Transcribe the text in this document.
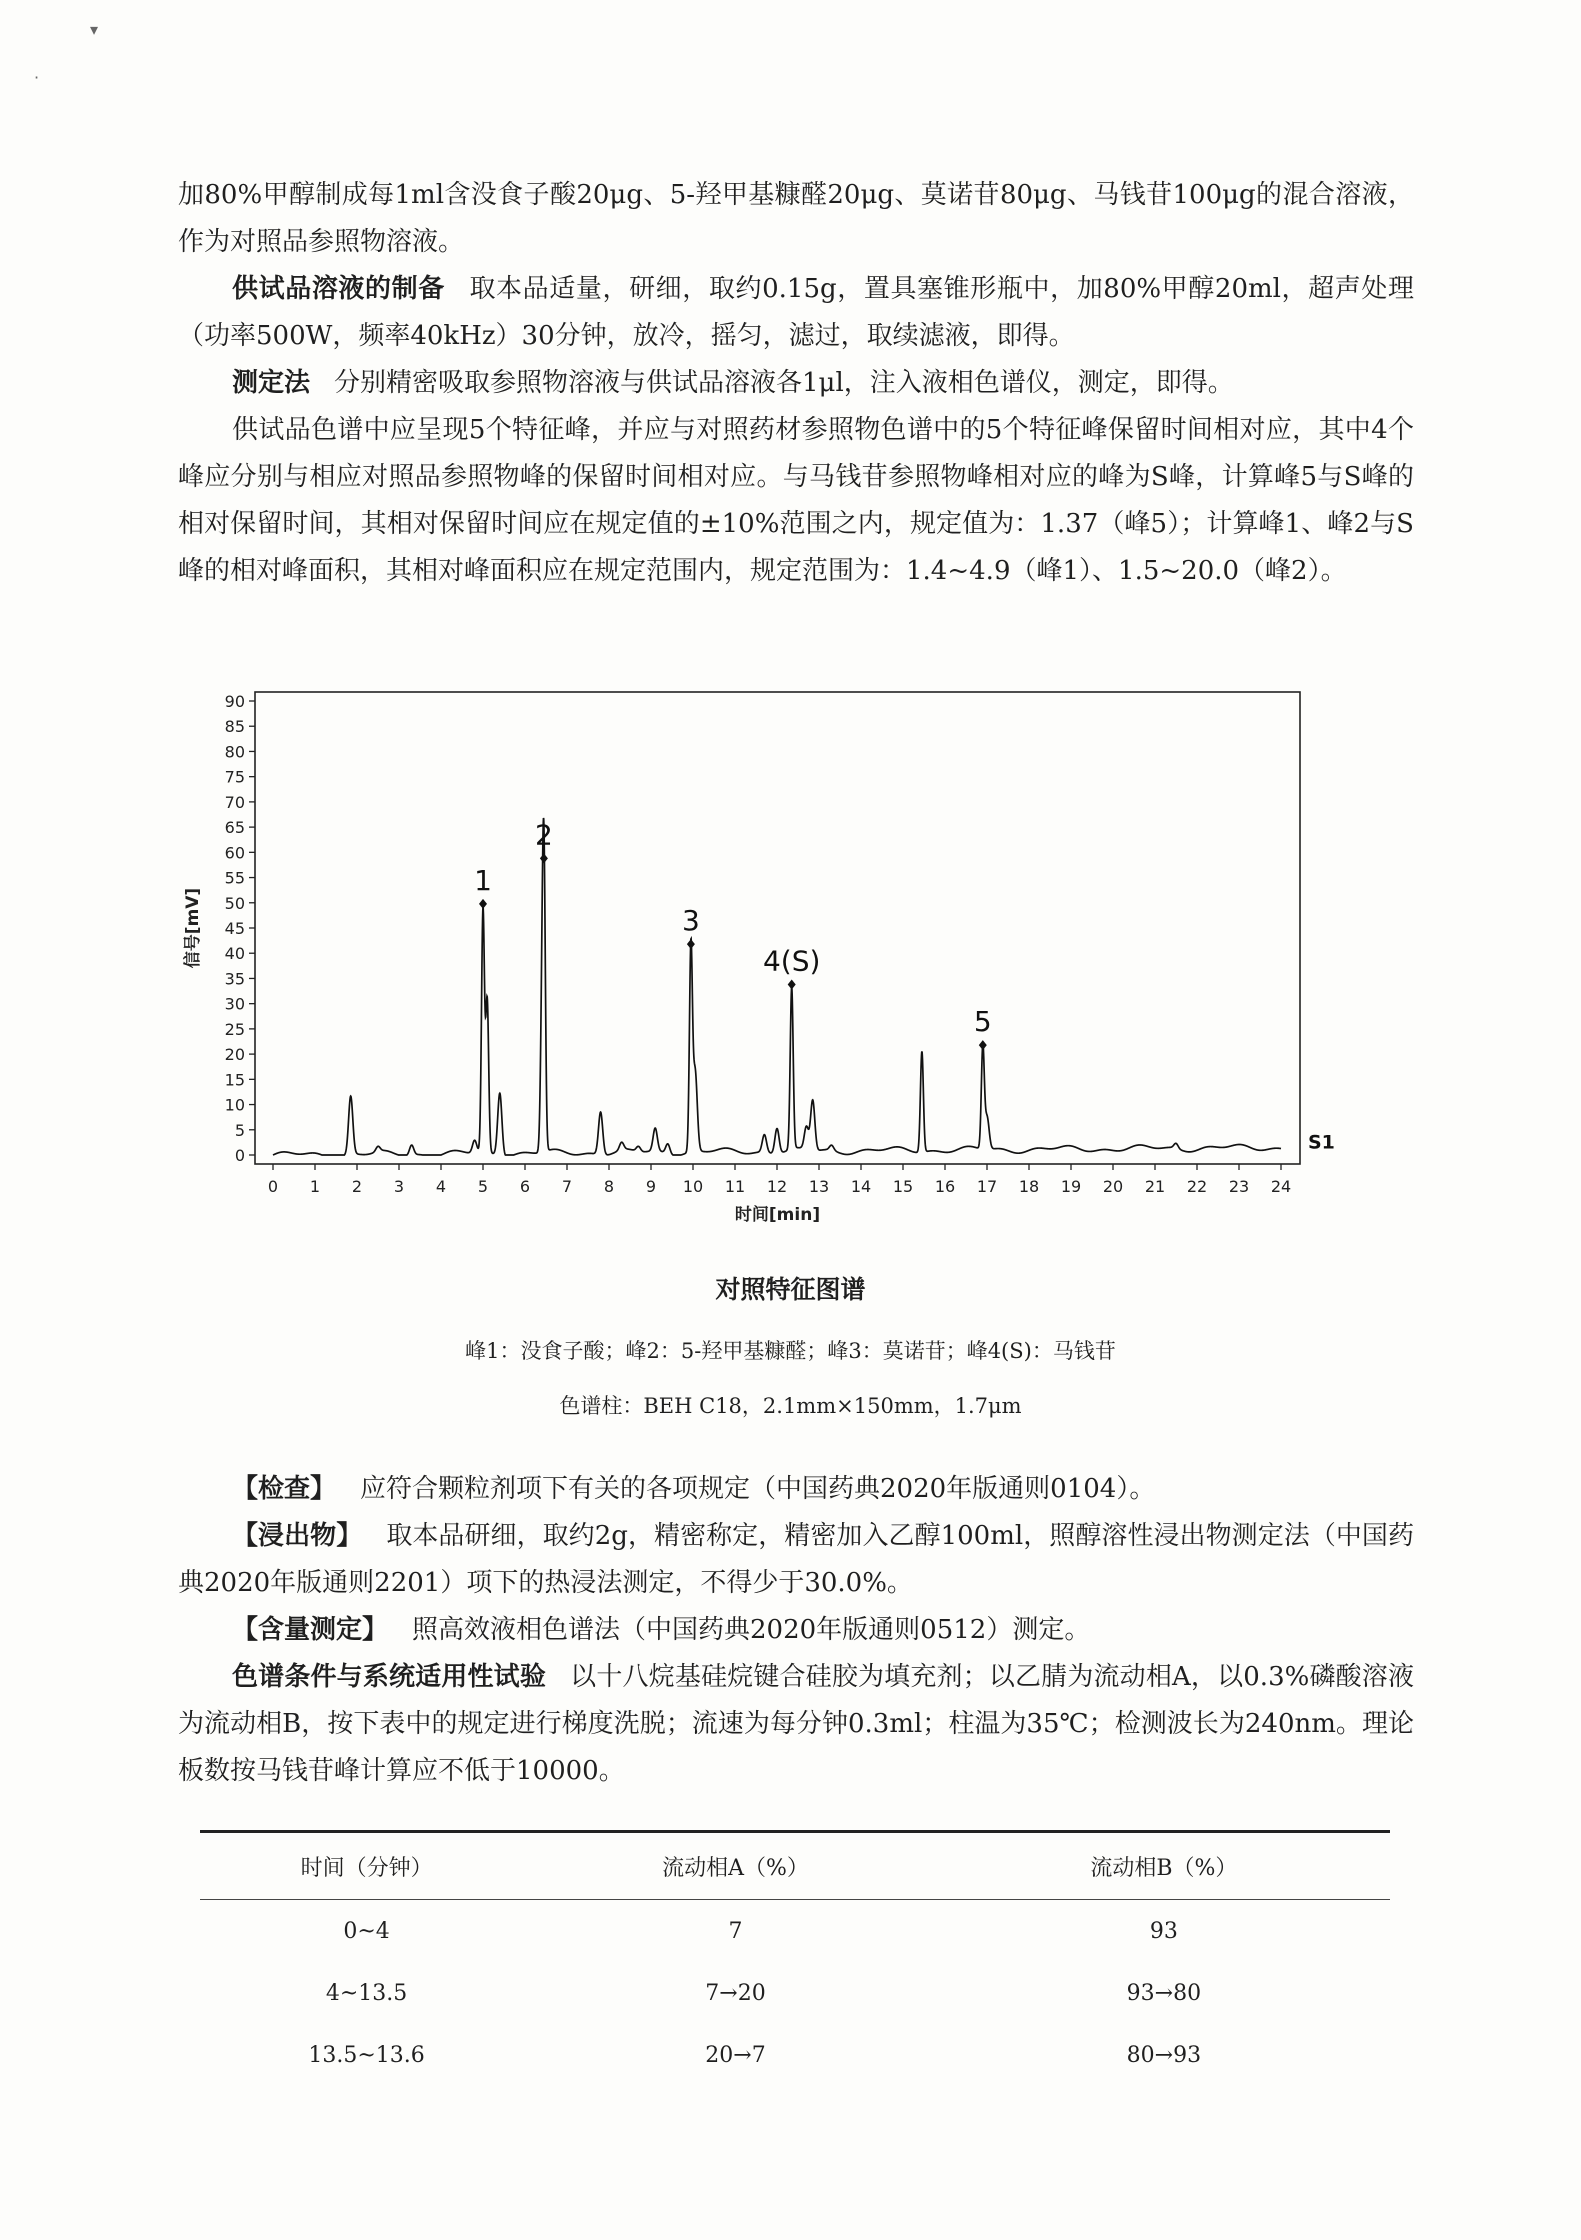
▾
·

加80%甲醇制成每1ml含没食子酸20μg、5-羟甲基糠醛20μg、莫诺苷80μg、马钱苷100μg的混合溶液，作为对照品参照物溶液。

供试品溶液的制备 取本品适量，研细，取约0.15g，置具塞锥形瓶中，加80%甲醇20ml，超声处理（功率500W，频率40kHz）30分钟，放冷，摇匀，滤过，取续滤液，即得。

测定法 分别精密吸取参照物溶液与供试品溶液各1μl，注入液相色谱仪，测定，即得。

供试品色谱中应呈现5个特征峰，并应与对照药材参照物色谱中的5个特征峰保留时间相对应，其中4个峰应分别与相应对照品参照物峰的保留时间相对应。与马钱苷参照物峰相对应的峰为S峰，计算峰5与S峰的相对保留时间，其相对保留时间应在规定值的±10%范围之内，规定值为：1.37（峰5）；计算峰1、峰2与S峰的相对峰面积，其相对峰面积应在规定范围内，规定范围为：1.4~4.9（峰1）、1.5~20.0（峰2）。

0
5
10
15
20
25
30
35
40
45
50
55
60
65
70
75
80
85
90
0 1 2 3 4 5 6 7 8 9 10 11 12 13 14 15 16 17 18 19 20 21 22 23 24
时间[min]
信号[mV]
1
2
3
4(S)
5
S1
对照特征图谱
峰1：没食子酸；峰2：5-羟甲基糠醛；峰3：莫诺苷；峰4(S)：马钱苷
色谱柱：BEH C18，2.1mm×150mm，1.7μm

【检查】 应符合颗粒剂项下有关的各项规定（中国药典2020年版通则0104）。

【浸出物】 取本品研细，取约2g，精密称定，精密加入乙醇100ml，照醇溶性浸出物测定法（中国药典2020年版通则2201）项下的热浸法测定，不得少于30.0%。

【含量测定】 照高效液相色谱法（中国药典2020年版通则0512）测定。

色谱条件与系统适用性试验 以十八烷基硅烷键合硅胶为填充剂；以乙腈为流动相A，以0.3%磷酸溶液为流动相B，按下表中的规定进行梯度洗脱；流速为每分钟0.3ml；柱温为35℃；检测波长为240nm。理论板数按马钱苷峰计算应不低于10000。

时间（分钟）	流动相A（%）	流动相B（%）
0~4	7	93
4~13.5	7→20	93→80
13.5~13.6	20→7	80→93
